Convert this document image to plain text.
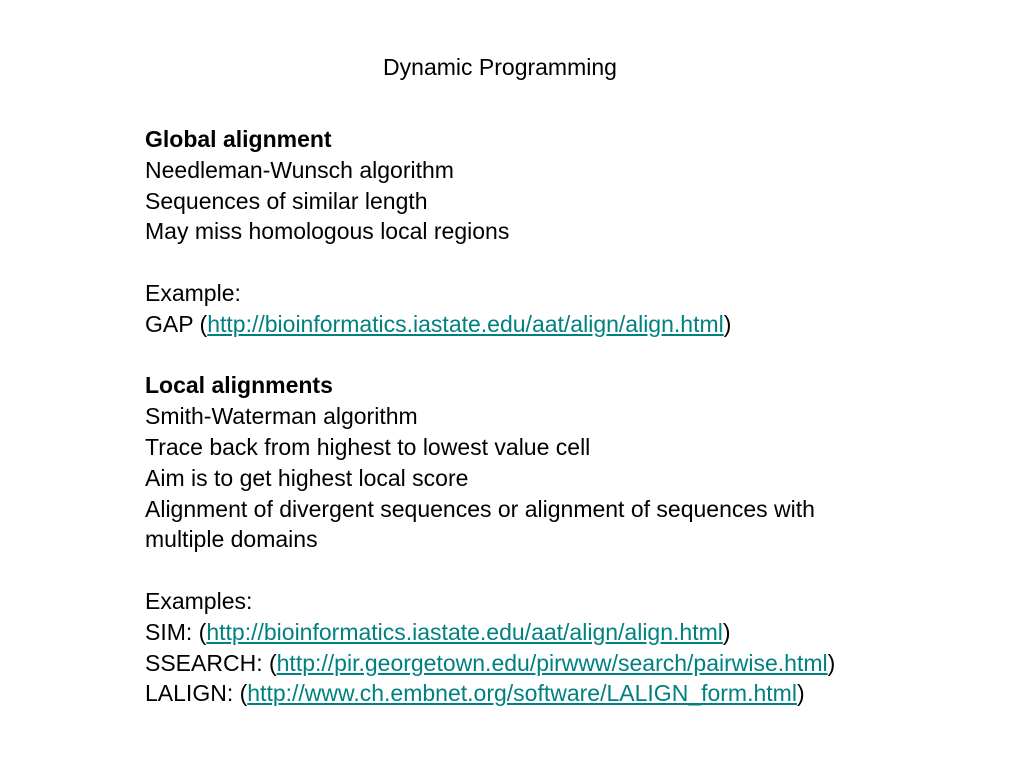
Dynamic Programming
Global alignment
Needleman-Wunsch algorithm
Sequences of similar length
May miss homologous local regions
Example:
GAP (http://bioinformatics.iastate.edu/aat/align/align.html)
Local alignments
Smith-Waterman algorithm
Trace back from highest to lowest value cell
Aim is to get highest local score
Alignment of divergent sequences or alignment of sequences with
multiple domains
Examples:
SIM: (http://bioinformatics.iastate.edu/aat/align/align.html)
SSEARCH: (http://pir.georgetown.edu/pirwww/search/pairwise.html)
LALIGN: (http://www.ch.embnet.org/software/LALIGN_form.html)
